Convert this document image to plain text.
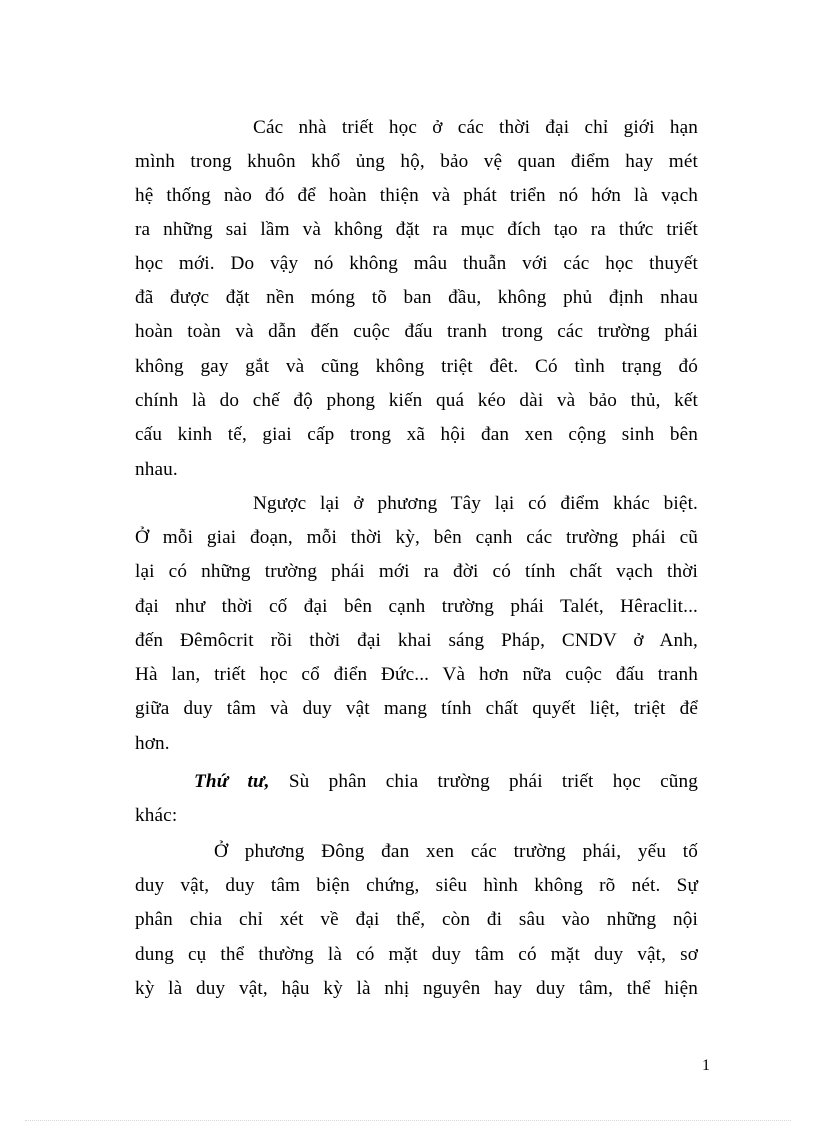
Các nhà triết học ở các thời đại chỉ giới hạn
mình trong khuôn khổ ủng hộ, bảo vệ quan điểm hay mét
hệ thống nào đó để hoàn thiện và phát triển nó hớn là vạch
ra những sai lầm và không đặt ra mục đích tạo ra thức triết
học mới. Do vậy nó không mâu thuẫn với các học thuyết
đã được đặt nền móng tõ ban đầu, không phủ định nhau
hoàn toàn và dẫn đến cuộc đấu tranh trong các trường phái
không gay gắt và cũng không triệt đêt. Có tình trạng đó
chính là do chế độ phong kiến quá kéo dài và bảo thủ, kết
cấu kinh tế, giai cấp trong xã hội đan xen cộng sinh bên
nhau.
Ngược lại ở phương Tây lại có điểm khác biệt.
Ở mỗi giai đoạn, mỗi thời kỳ, bên cạnh các trường phái cũ
lại có những trường phái mới ra đời có tính chất vạch thời
đại như thời cố đại bên cạnh trường phái Talét, Hêraclit...
đến Đêmôcrit rồi thời đại khai sáng Pháp, CNDV ở Anh,
Hà lan, triết học cổ điển Đức... Và hơn nữa cuộc đấu tranh
giữa duy tâm và duy vật mang tính chất quyết liệt, triệt để
hơn.
Thứ tư, Sù phân chia trường phái triết học cũng
khác:
Ở phương Đông đan xen các trường phái, yếu tố
duy vật, duy tâm biện chứng, siêu hình không rõ nét. Sự
phân chia chỉ xét về đại thể, còn đi sâu vào những nội
dung cụ thể thường là có mặt duy tâm có mặt duy vật, sơ
kỳ là duy vật, hậu kỳ là nhị nguyên hay duy tâm, thể hiện
1
